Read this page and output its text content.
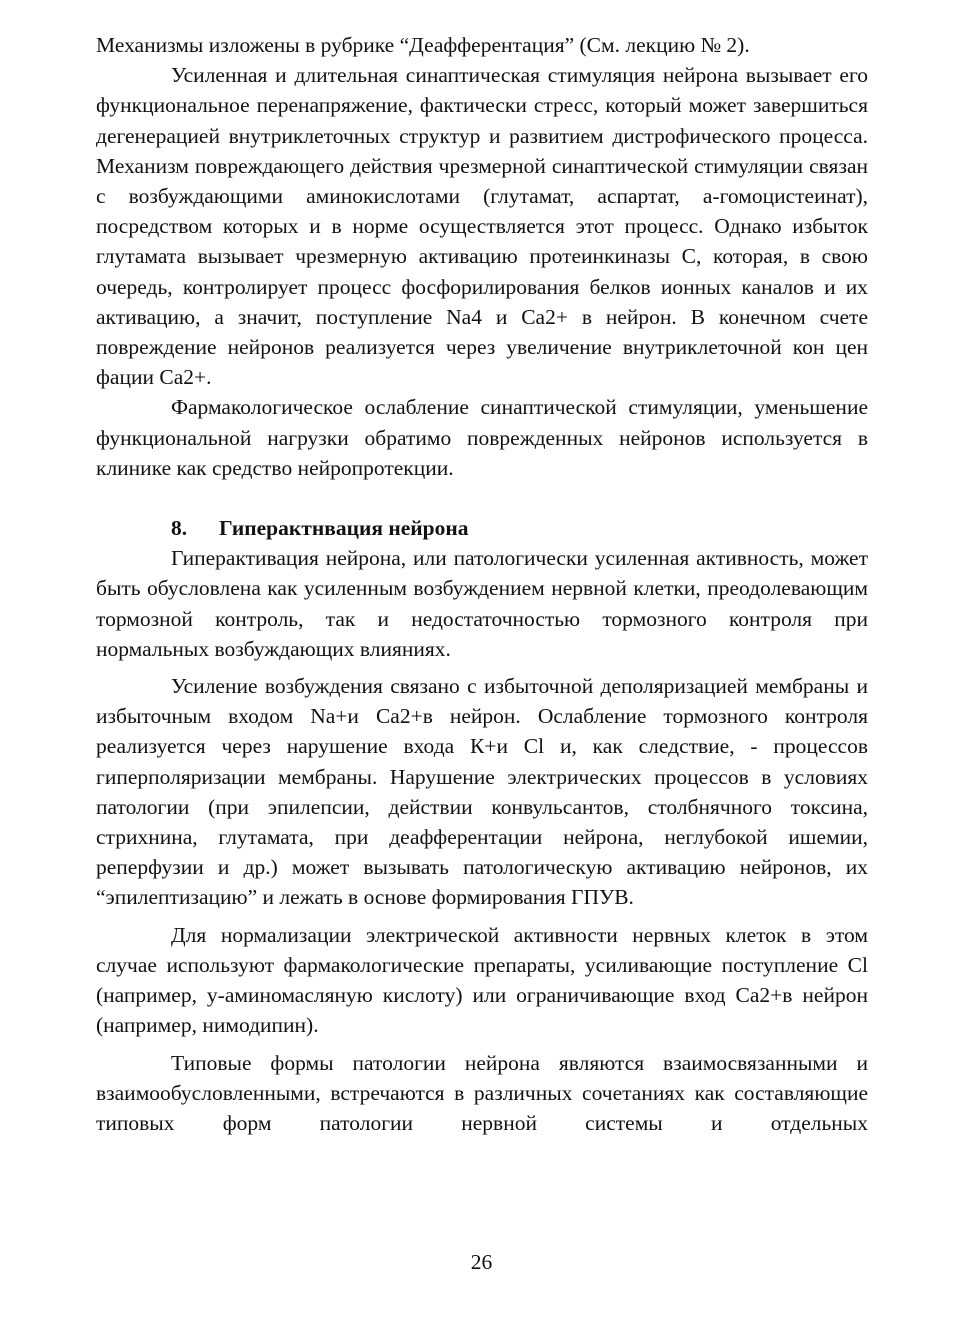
Механизмы изложены в рубрике “Деафферентация” (См. лекцию № 2).

Усиленная и длительная синаптическая стимуляция нейрона вызывает его функциональное перенапряжение, фактически стресс, который может завершиться дегенерацией внутриклеточных структур и развитием дистрофического процесса. Механизм повреждающего действия чрезмерной синаптической стимуляции связан с возбуждающими аминокислотами (глутамат, аспартат, а-гомоцистеинат), посредством которых и в норме осуществляется этот процесс. Однако избыток глутамата вызывает чрезмерную активацию протеинкиназы С, которая, в свою очередь, контролирует процесс фосфорилирования белков ионных каналов и их активацию, а значит, поступление Na4 и Ca2+ в нейрон. В конечном счете повреждение нейронов реализуется через увеличение внутриклеточной кон цен фации Ca2+.

Фармакологическое ослабление синаптической стимуляции, уменьшение функциональной нагрузки обратимо поврежденных нейронов используется в клинике как средство нейропротекции.

8. Гиперактнвация нейрона

Гиперактивация нейрона, или патологически усиленная активность, может быть обусловлена как усиленным возбуждением нервной клетки, преодолевающим тормозной контроль, так и недостаточностью тормозного контроля при нормальных возбуждающих влияниях.

Усиление возбуждения связано с избыточной деполяризацией мембраны и избыточным входом Na+и Ca2+в нейрон. Ослабление тормозного контроля реализуется через нарушение входа К+и Cl и, как следствие, - процессов гиперполяризации мембраны. Нарушение электрических процессов в условиях патологии (при эпилепсии, действии конвульсантов, столбнячного токсина, стрихнина, глутамата, при деафферентации нейрона, неглубокой ишемии, реперфузии и др.) может вызывать патологическую активацию нейронов, их “эпилептизацию” и лежать в основе формирования ГПУВ.

Для нормализации электрической активности нервных клеток в этом случае используют фармакологические препараты, усиливающие поступление Cl (например, у-аминомасляную кислоту) или ограничивающие вход Ca2+в нейрон (например, нимодипин).

Типовые формы патологии нейрона являются взаимосвязанными и взаимообусловленными, встречаются в различных сочетаниях как составляющие типовых форм патологии нервной системы и отдельных

26
